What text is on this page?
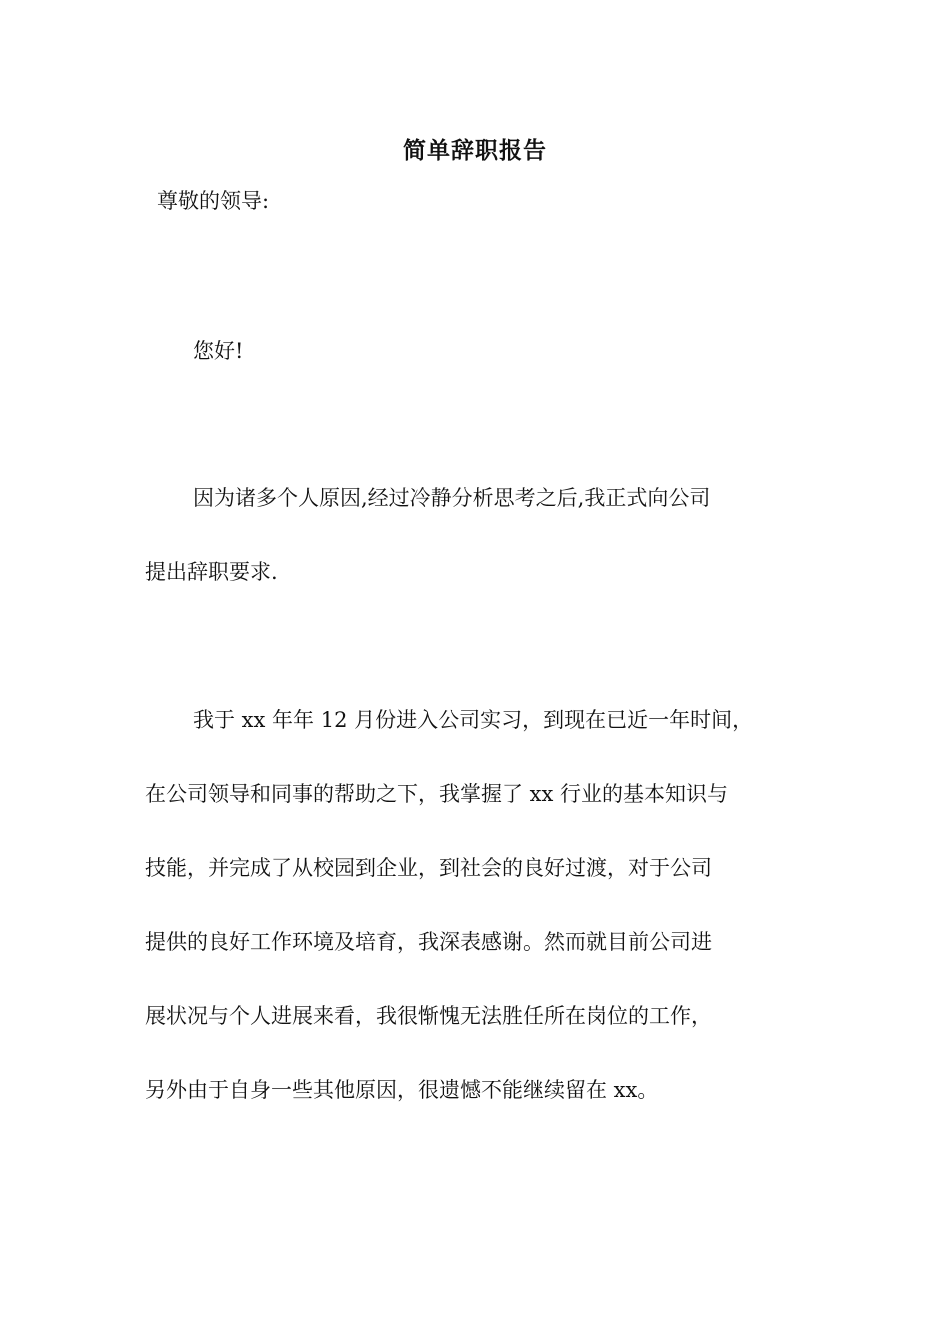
简单辞职报告
尊敬的领导:
您好!

因为诸多个人原因,经过冷静分析思考之后,我正式向公司
提出辞职要求.

我于 xx 年年 12 月份进入公司实习，到现在已近一年时间，
在公司领导和同事的帮助之下，我掌握了 xx 行业的基本知识与
技能，并完成了从校园到企业，到社会的良好过渡，对于公司
提供的良好工作环境及培育，我深表感谢。然而就目前公司进
展状况与个人进展来看，我很惭愧无法胜任所在岗位的工作，
另外由于自身一些其他原因，很遗憾不能继续留在 xx。
